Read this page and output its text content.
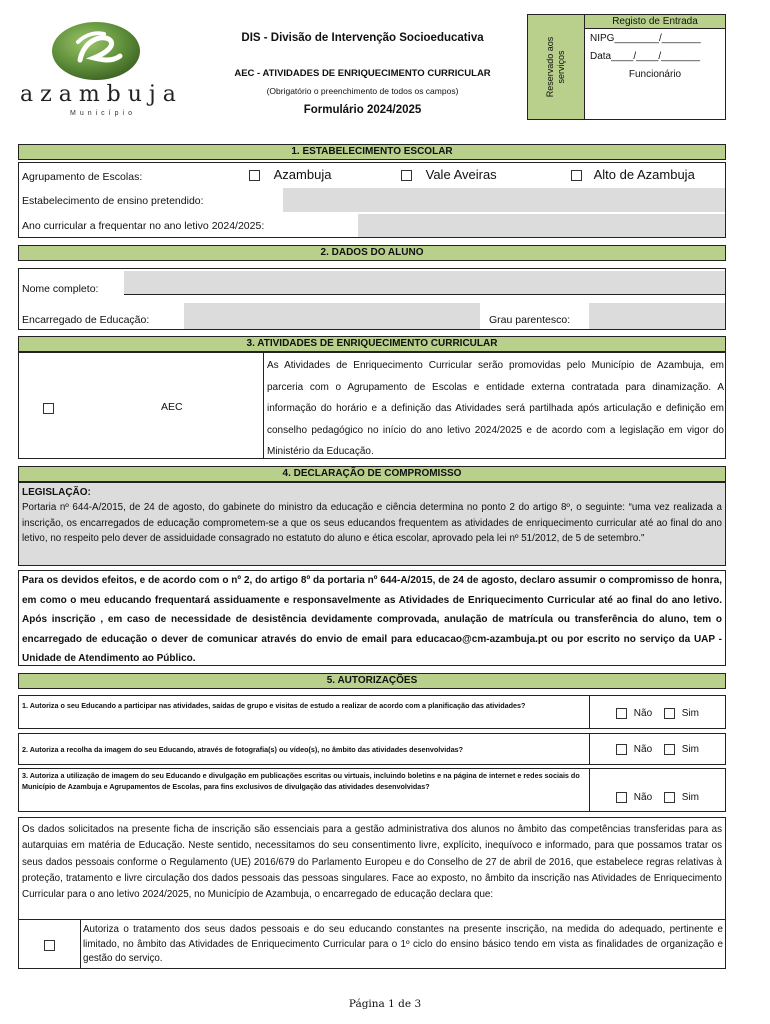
azambuja
Município
DIS - Divisão de Intervenção Socioeducativa
AEC - ATIVIDADES DE ENRIQUECIMENTO CURRICULAR
(Obrigatório o preenchimento de todos os campos)
Formulário 2024/2025
Reservado aos serviços
Registo de Entrada
NIPG________/_______
Data____/____/_______
Funcionário
1. ESTABELECIMENTO ESCOLAR
Agrupamento de Escolas:	Azambuja	Vale Aveiras	Alto de Azambuja
Estabelecimento de ensino pretendido:
Ano curricular a frequentar no ano letivo 2024/2025:
2. DADOS DO ALUNO
Nome completo:
Encarregado de Educação:	Grau parentesco:
3. ATIVIDADES DE ENRIQUECIMENTO CURRICULAR
AEC
As Atividades de Enriquecimento Curricular serão promovidas pelo Município de Azambuja, em parceria com o Agrupamento de Escolas e entidade externa contratada para dinamização. A informação do horário e a definição das Atividades será partilhada após articulação e definição em conselho pedagógico no início do ano letivo 2024/2025 e de acordo com a legislação em vigor do Ministério da Educação.
4. DECLARAÇÃO DE COMPROMISSO
LEGISLAÇÃO:
Portaria nº 644-A/2015, de 24 de agosto, do gabinete do ministro da educação e ciência determina no ponto 2 do artigo 8º, o seguinte: “uma vez realizada a inscrição, os encarregados de educação comprometem-se a que os seus educandos frequentem as atividades de enriquecimento curricular até ao final do ano letivo, no respeito pelo dever de assiduidade consagrado no estatuto do aluno e ética escolar, aprovado pela lei nº 51/2012, de 5 de setembro."
Para os devidos efeitos, e de acordo com o nº 2, do artigo 8º da portaria nº 644-A/2015, de 24 de agosto, declaro assumir o compromisso de honra, em como o meu educando frequentará assiduamente e responsavelmente as Atividades de Enriquecimento Curricular até ao final do ano letivo. Após inscrição , em caso de necessidade de desistência devidamente comprovada, anulação de matrícula ou transferência do aluno, tem o encarregado de educação o dever de comunicar através do envio de email para educacao@cm-azambuja.pt ou por escrito no serviço da UAP - Unidade de Atendimento ao Público.
5. AUTORIZAÇÕES
1. Autoriza o seu Educando a participar nas atividades, saídas de grupo e visitas de estudo a realizar de acordo com a planificação das atividades?
Não	Sim
2. Autoriza a recolha da imagem do seu Educando, através de fotografia(s) ou vídeo(s), no âmbito das atividades desenvolvidas?	Não	Sim
3. Autoriza a utilização de imagem do seu Educando e divulgação em publicações escritas ou virtuais, incluindo boletins e na página de internet e redes sociais do Município de Azambuja e Agrupamentos de Escolas, para fins exclusivos de divulgação das atividades desenvolvidas?
Não	Sim
Os dados solicitados na presente ficha de inscrição são essenciais para a gestão administrativa dos alunos no âmbito das competências transferidas para as autarquias em matéria de Educação. Neste sentido, necessitamos do seu consentimento livre, explícito, inequívoco e informado, para que possamos tratar os seus dados pessoais conforme o Regulamento (UE) 2016/679 do Parlamento Europeu e do Conselho de 27 de abril de 2016, que estabelece regras relativas à proteção, tratamento e livre circulação dos dados pessoais das pessoas singulares. Face ao exposto, no âmbito da inscrição nas Atividades de Enriquecimento Curricular para o ano letivo 2024/2025, no Município de Azambuja, o encarregado de educação declara que:
Autoriza o tratamento dos seus dados pessoais e do seu educando constantes na presente inscrição, na medida do adequado, pertinente e limitado, no âmbito das Atividades de Enriquecimento Curricular para o 1º ciclo do ensino básico tendo em vista as finalidades de organização e gestão do serviço.
Página 1 de 3
